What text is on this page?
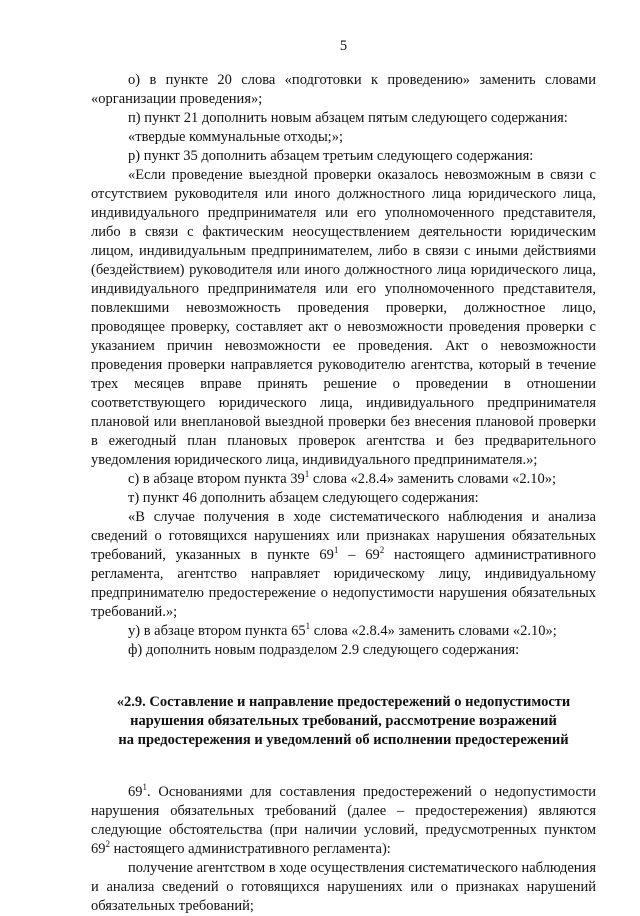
5

о) в пункте 20 слова «подготовки к проведению» заменить словами «организации проведения»;

п) пункт 21 дополнить новым абзацем пятым следующего содержания:

«твердые коммунальные отходы;»;

р) пункт 35 дополнить абзацем третьим следующего содержания:

«Если проведение выездной проверки оказалось невозможным в связи с отсутствием руководителя или иного должностного лица юридического лица, индивидуального предпринимателя или его уполномоченного представителя, либо в связи с фактическим неосуществлением деятельности юридическим лицом, индивидуальным предпринимателем, либо в связи с иными действиями (бездействием) руководителя или иного должностного лица юридического лица, индивидуального предпринимателя или его уполномоченного представителя, повлекшими невозможность проведения проверки, должностное лицо, проводящее проверку, составляет акт о невозможности проведения проверки с указанием причин невозможности ее проведения. Акт о невозможности проведения проверки направляется руководителю агентства, который в течение трех месяцев вправе принять решение о проведении в отношении соответствующего юридического лица, индивидуального предпринимателя плановой или внеплановой выездной проверки без внесения плановой проверки в ежегодный план плановых проверок агентства и без предварительного уведомления юридического лица, индивидуального предпринимателя.»;

с) в абзаце втором пункта $39^1$ слова «2.8.4» заменить словами «2.10»;

т) пункт 46 дополнить абзацем следующего содержания:

«В случае получения в ходе систематического наблюдения и анализа сведений о готовящихся нарушениях или признаках нарушения обязательных требований, указанных в пункте $69^1 - 69^2$ настоящего административного регламента, агентство направляет юридическому лицу, индивидуальному предпринимателю предостережение о недопустимости нарушения обязательных требований.»;

у) в абзаце втором пункта $65^1$ слова «2.8.4» заменить словами «2.10»;

ф) дополнить новым подразделом 2.9 следующего содержания:

«2.9. Составление и направление предостережений о недопустимости
нарушения обязательных требований, рассмотрение возражений
на предостережения и уведомлений об исполнении предостережений

$69^1$. Основаниями для составления предостережений о недопустимости нарушения обязательных требований (далее – предостережения) являются следующие обстоятельства (при наличии условий, предусмотренных пунктом $69^2$ настоящего административного регламента):

получение агентством в ходе осуществления систематического наблюдения и анализа сведений о готовящихся нарушениях или о признаках нарушений обязательных требований;
